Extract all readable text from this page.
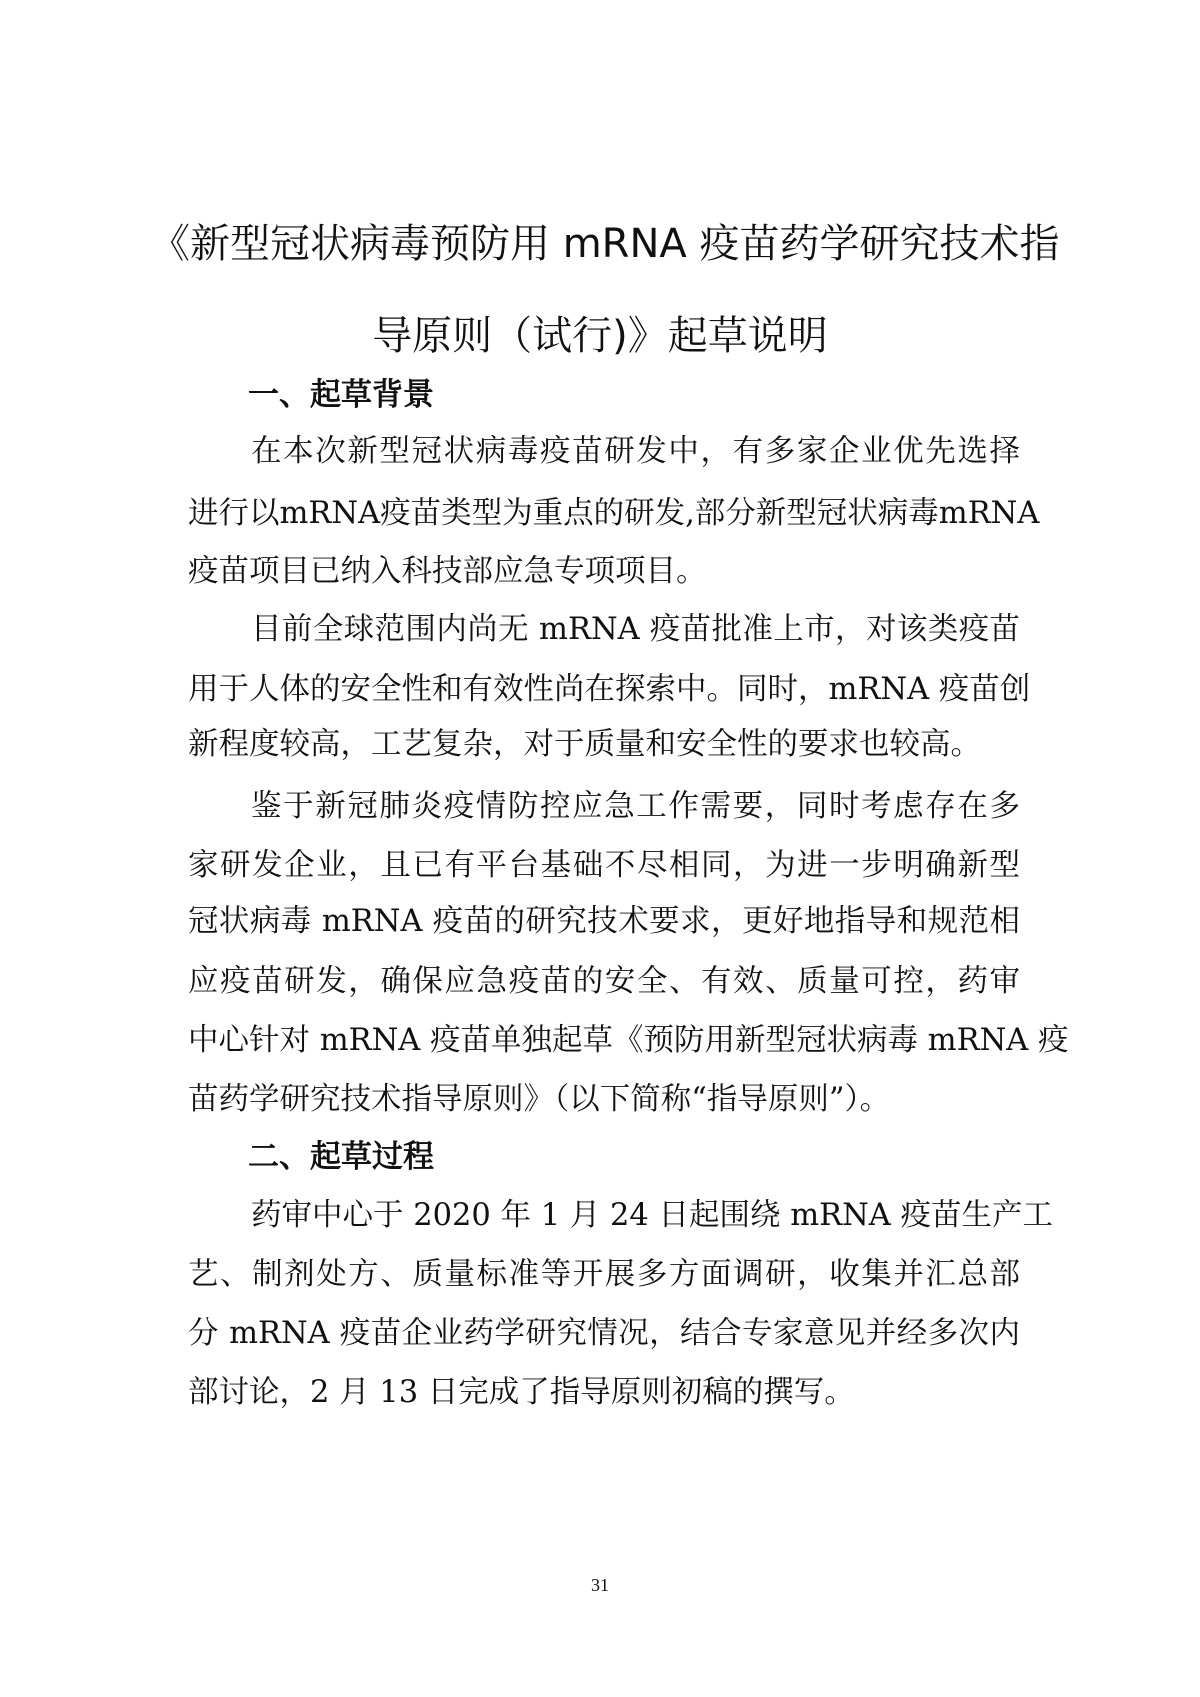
《新型冠状病毒预防用 mRNA 疫苗药学研究技术指
导原则（试行)》起草说明
一、起草背景
在本次新型冠状病毒疫苗研发中，有多家企业优先选择
进行以mRNA疫苗类型为重点的研发,部分新型冠状病毒mRNA
疫苗项目已纳入科技部应急专项项目。
目前全球范围内尚无 mRNA 疫苗批准上市，对该类疫苗
用于人体的安全性和有效性尚在探索中。同时，mRNA 疫苗创
新程度较高，工艺复杂，对于质量和安全性的要求也较高。
鉴于新冠肺炎疫情防控应急工作需要，同时考虑存在多
家研发企业，且已有平台基础不尽相同，为进一步明确新型
冠状病毒 mRNA 疫苗的研究技术要求，更好地指导和规范相
应疫苗研发，确保应急疫苗的安全、有效、质量可控，药审
中心针对 mRNA 疫苗单独起草《预防用新型冠状病毒 mRNA 疫
苗药学研究技术指导原则》（以下简称“指导原则”）。
二、起草过程
药审中心于 2020 年 1 月 24 日起围绕 mRNA 疫苗生产工
艺、制剂处方、质量标准等开展多方面调研，收集并汇总部
分 mRNA 疫苗企业药学研究情况，结合专家意见并经多次内
部讨论，2 月 13 日完成了指导原则初稿的撰写。
31
